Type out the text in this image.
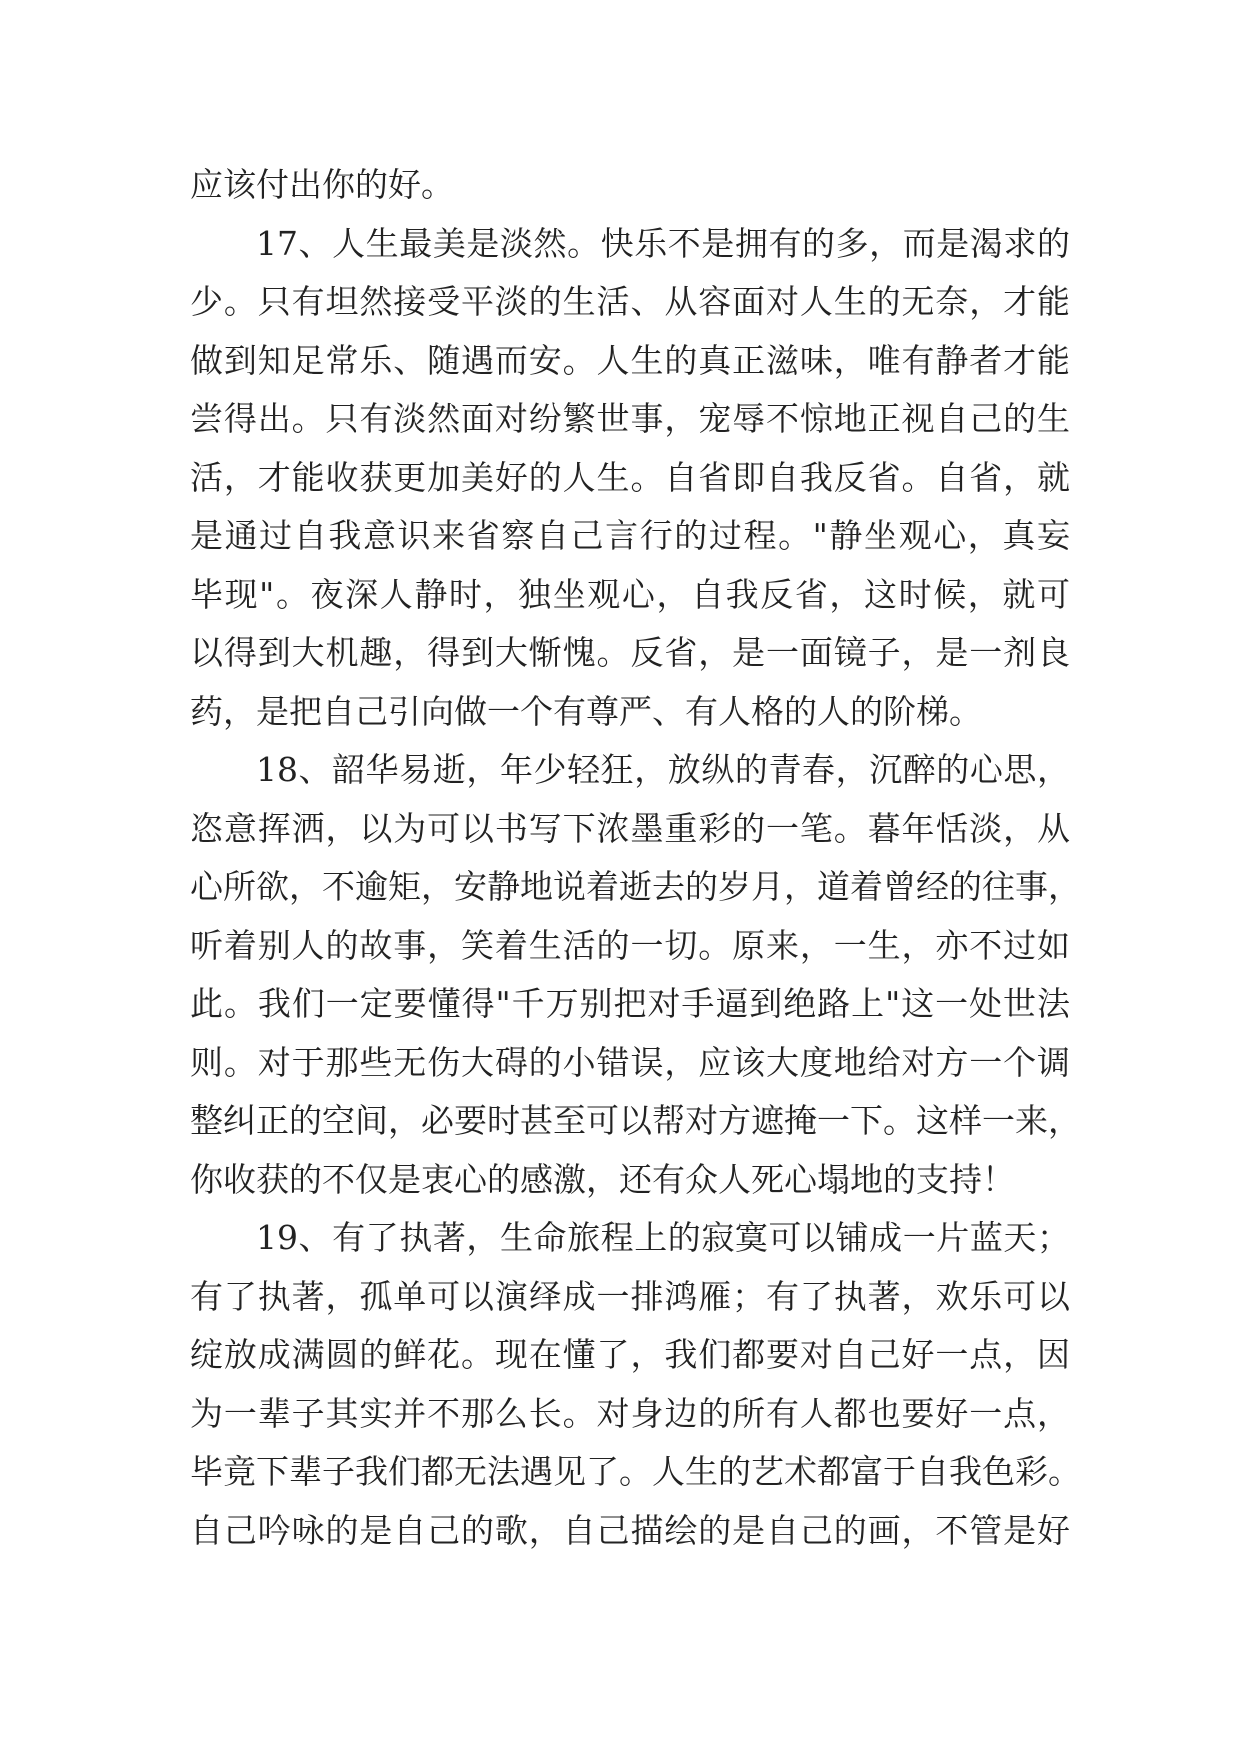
应该付出你的好。
17、人生最美是淡然。快乐不是拥有的多，而是渴求的
少。只有坦然接受平淡的生活、从容面对人生的无奈，才能
做到知足常乐、随遇而安。人生的真正滋味，唯有静者才能
尝得出。只有淡然面对纷繁世事，宠辱不惊地正视自己的生
活，才能收获更加美好的人生。自省即自我反省。自省，就
是通过自我意识来省察自己言行的过程。"静坐观心，真妄
毕现"。夜深人静时，独坐观心，自我反省，这时候，就可
以得到大机趣，得到大惭愧。反省，是一面镜子，是一剂良
药，是把自己引向做一个有尊严、有人格的人的阶梯。
18、韶华易逝，年少轻狂，放纵的青春，沉醉的心思，
恣意挥洒，以为可以书写下浓墨重彩的一笔。暮年恬淡，从
心所欲，不逾矩，安静地说着逝去的岁月，道着曾经的往事，
听着别人的故事，笑着生活的一切。原来，一生，亦不过如
此。我们一定要懂得"千万别把对手逼到绝路上"这一处世法
则。对于那些无伤大碍的小错误，应该大度地给对方一个调
整纠正的空间，必要时甚至可以帮对方遮掩一下。这样一来，
你收获的不仅是衷心的感激，还有众人死心塌地的支持！
19、有了执著，生命旅程上的寂寞可以铺成一片蓝天；
有了执著，孤单可以演绎成一排鸿雁；有了执著，欢乐可以
绽放成满圆的鲜花。现在懂了，我们都要对自己好一点，因
为一辈子其实并不那么长。对身边的所有人都也要好一点，
毕竟下辈子我们都无法遇见了。人生的艺术都富于自我色彩。
自己吟咏的是自己的歌，自己描绘的是自己的画，不管是好
